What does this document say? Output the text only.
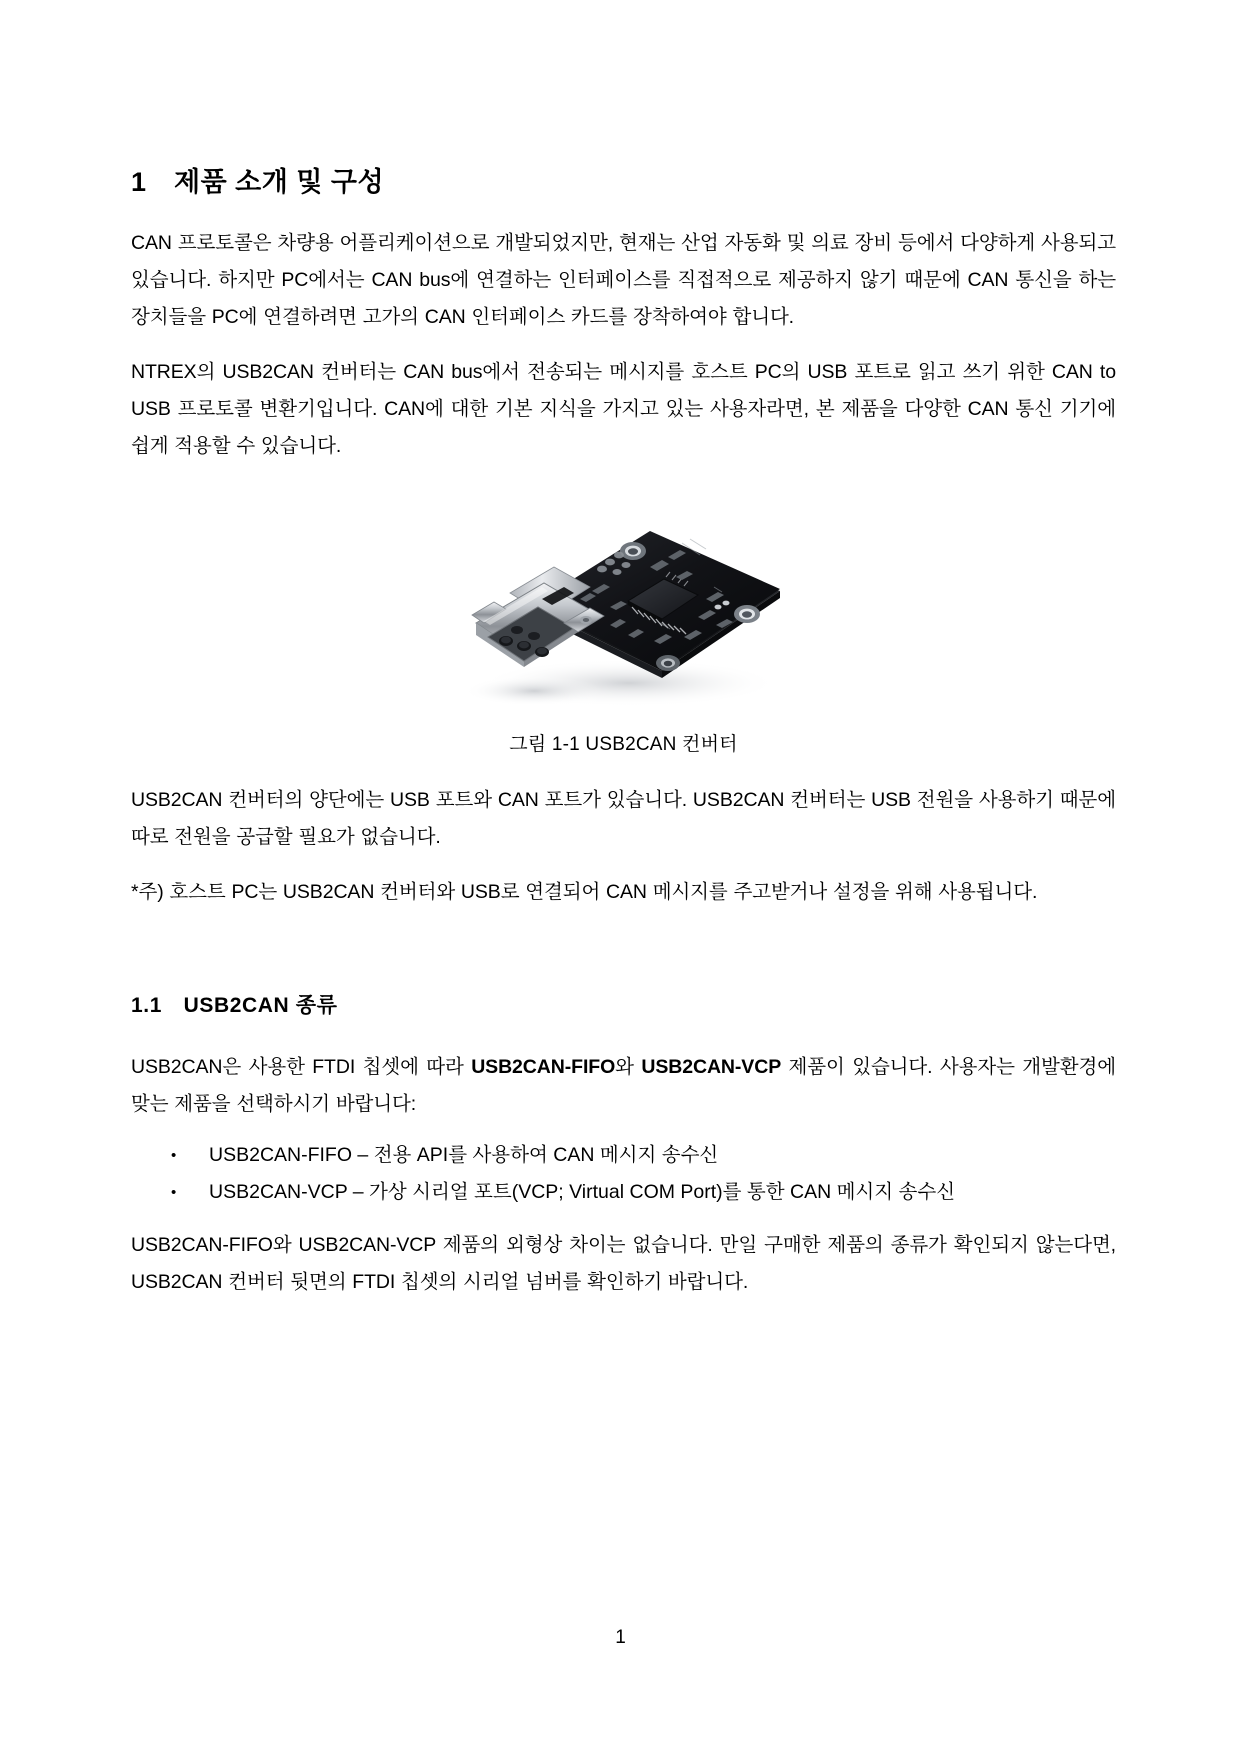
1 제품 소개 및 구성

CAN 프로토콜은 차량용 어플리케이션으로 개발되었지만, 현재는 산업 자동화 및 의료 장비 등에서 다양하게 사용되고 있습니다. 하지만 PC에서는 CAN bus에 연결하는 인터페이스를 직접적으로 제공하지 않기 때문에 CAN 통신을 하는 장치들을 PC에 연결하려면 고가의 CAN 인터페이스 카드를 장착하여야 합니다.

NTREX의 USB2CAN 컨버터는 CAN bus에서 전송되는 메시지를 호스트 PC의 USB 포트로 읽고 쓰기 위한 CAN to USB 프로토콜 변환기입니다. CAN에 대한 기본 지식을 가지고 있는 사용자라면, 본 제품을 다양한 CAN 통신 기기에 쉽게 적용할 수 있습니다.

그림 1-1 USB2CAN 컨버터

USB2CAN 컨버터의 양단에는 USB 포트와 CAN 포트가 있습니다. USB2CAN 컨버터는 USB 전원을 사용하기 때문에 따로 전원을 공급할 필요가 없습니다.

*주) 호스트 PC는 USB2CAN 컨버터와 USB로 연결되어 CAN 메시지를 주고받거나 설정을 위해 사용됩니다.

1.1 USB2CAN 종류

USB2CAN은 사용한 FTDI 칩셋에 따라 USB2CAN-FIFO와 USB2CAN-VCP 제품이 있습니다. 사용자는 개발환경에 맞는 제품을 선택하시기 바랍니다:

• USB2CAN-FIFO – 전용 API를 사용하여 CAN 메시지 송수신
• USB2CAN-VCP – 가상 시리얼 포트(VCP; Virtual COM Port)를 통한 CAN 메시지 송수신

USB2CAN-FIFO와 USB2CAN-VCP 제품의 외형상 차이는 없습니다. 만일 구매한 제품의 종류가 확인되지 않는다면, USB2CAN 컨버터 뒷면의 FTDI 칩셋의 시리얼 넘버를 확인하기 바랍니다.

1
